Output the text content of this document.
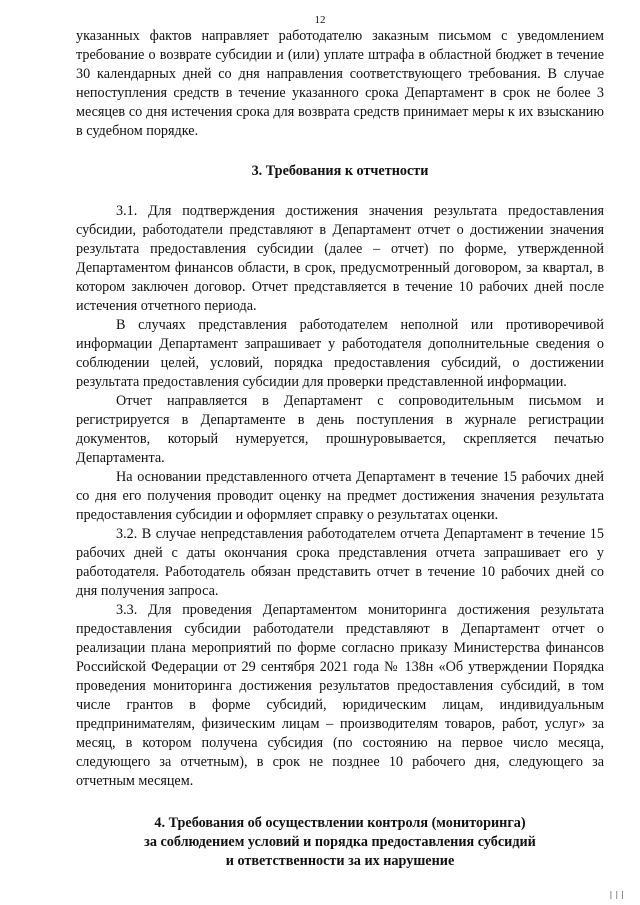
12

указанных фактов направляет работодателю заказным письмом с уведомлением требование о возврате субсидии и (или) уплате штрафа в областной бюджет в течение 30 календарных дней со дня направления соответствующего требования. В случае непоступления средств в течение указанного срока Департамент в срок не более 3 месяцев со дня истечения срока для возврата средств принимает меры к их взысканию в судебном порядке.

3. Требования к отчетности

3.1. Для подтверждения достижения значения результата предоставления субсидии, работодатели представляют в Департамент отчет о достижении значения результата предоставления субсидии (далее – отчет) по форме, утвержденной Департаментом финансов области, в срок, предусмотренный договором, за квартал, в котором заключен договор. Отчет представляется в течение 10 рабочих дней после истечения отчетного периода.

В случаях представления работодателем неполной или противоречивой информации Департамент запрашивает у работодателя дополнительные сведения о соблюдении целей, условий, порядка предоставления субсидий, о достижении результата предоставления субсидии для проверки представленной информации.

Отчет направляется в Департамент с сопроводительным письмом и регистрируется в Департаменте в день поступления в журнале регистрации документов, который нумеруется, прошнуровывается, скрепляется печатью Департамента.

На основании представленного отчета Департамент в течение 15 рабочих дней со дня его получения проводит оценку на предмет достижения значения результата предоставления субсидии и оформляет справку о результатах оценки.

3.2. В случае непредставления работодателем отчета Департамент в течение 15 рабочих дней с даты окончания срока представления отчета запрашивает его у работодателя. Работодатель обязан представить отчет в течение 10 рабочих дней со дня получения запроса.

3.3. Для проведения Департаментом мониторинга достижения результата предоставления субсидии работодатели представляют в Департамент отчет о реализации плана мероприятий по форме согласно приказу Министерства финансов Российской Федерации от 29 сентября 2021 года № 138н «Об утверждении Порядка проведения мониторинга достижения результатов предоставления субсидий, в том числе грантов в форме субсидий, юридическим лицам, индивидуальным предпринимателям, физическим лицам – производителям товаров, работ, услуг» за месяц, в котором получена субсидия (по состоянию на первое число месяца, следующего за отчетным), в срок не позднее 10 рабочего дня, следующего за отчетным месяцем.

4. Требования об осуществлении контроля (мониторинга)
за соблюдением условий и порядка предоставления субсидий
и ответственности за их нарушение
|||
